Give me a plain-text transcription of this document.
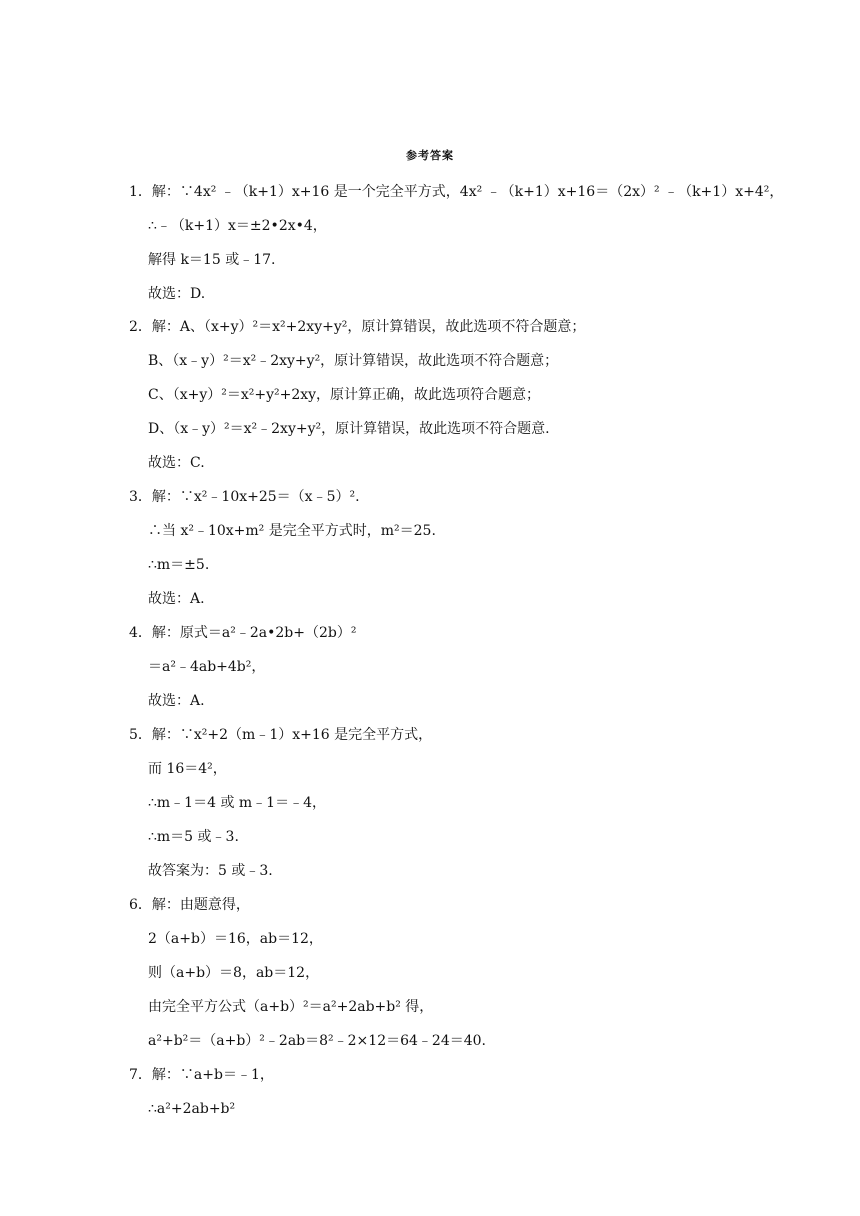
参考答案
1．解：∵4x² ﹣（k+1）x+16 是一个完全平方式，4x² ﹣（k+1）x+16＝（2x）² ﹣（k+1）x+4²，
∴﹣（k+1）x＝±2•2x•4，
解得 k＝15 或﹣17.
故选：D.
2．解：A、（x+y）²＝x²+2xy+y²，原计算错误，故此选项不符合题意；
B、（x﹣y）²＝x²﹣2xy+y²，原计算错误，故此选项不符合题意；
C、（x+y）²＝x²+y²+2xy，原计算正确，故此选项符合题意；
D、（x﹣y）²＝x²﹣2xy+y²，原计算错误，故此选项不符合题意.
故选：C.
3．解：∵x²﹣10x+25＝（x﹣5）².
∴当 x²﹣10x+m² 是完全平方式时，m²＝25.
∴m＝±5.
故选：A.
4．解：原式＝a²﹣2a•2b+（2b）²
＝a²﹣4ab+4b²，
故选：A.
5．解：∵x²+2（m﹣1）x+16 是完全平方式，
而 16＝4²，
∴m﹣1＝4 或 m﹣1＝﹣4，
∴m＝5 或﹣3.
故答案为：5 或﹣3.
6．解：由题意得，
2（a+b）＝16，ab＝12，
则（a+b）＝8，ab＝12，
由完全平方公式（a+b）²＝a²+2ab+b² 得，
a²+b²＝（a+b）²﹣2ab＝8²﹣2×12＝64﹣24＝40.
7．解：∵a+b＝﹣1，
∴a²+2ab+b²
